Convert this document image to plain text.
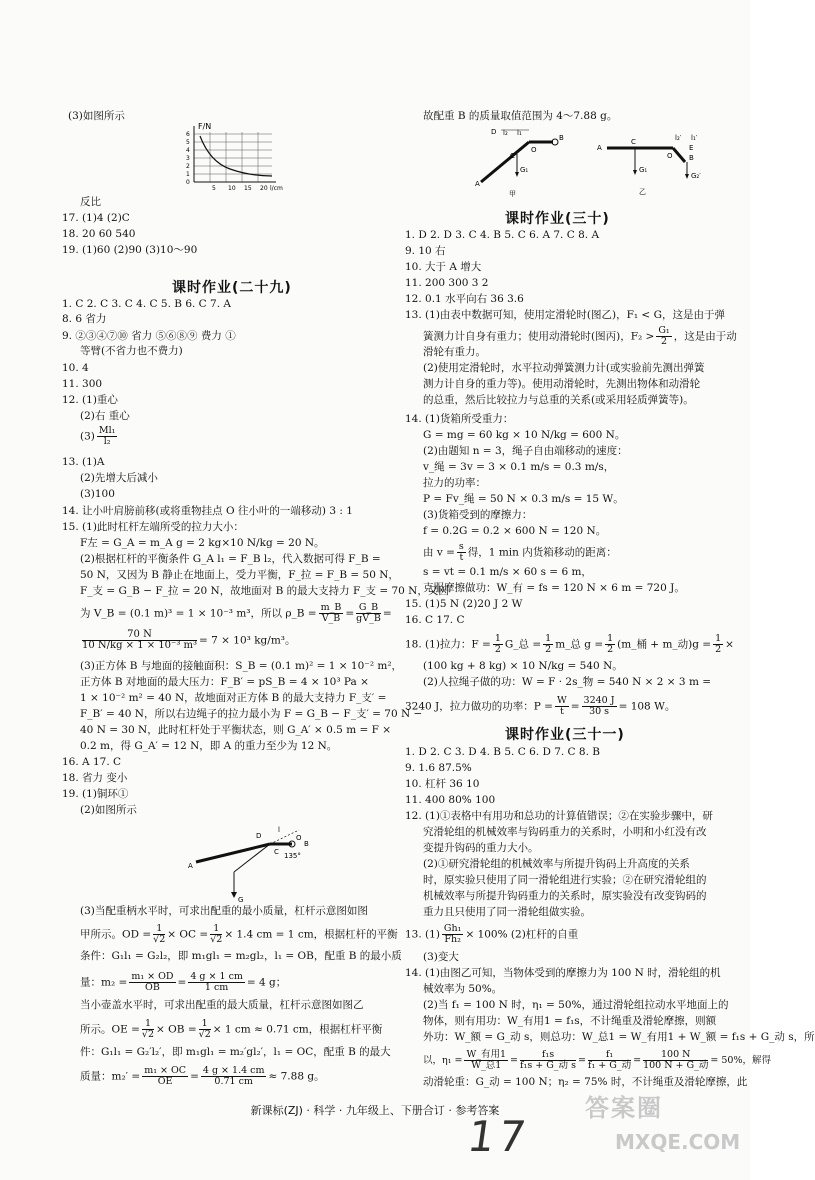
(3)如图所示
F/N
6
5
4
3
2
1
0
5 10 15 20 l/cm
反比
17. (1)4 (2)C
18. 20 60 540
19. (1)60 (2)90 (3)10～90
课时作业(二十九)
1. C 2. C 3. C 4. C 5. B 6. C 7. A
8. 6 省力
9. ②③④⑦⑩ 省力 ⑤⑥⑧⑨ 费力 ①
等臂(不省力也不费力)
10. 4
11. 300
12. (1)重心
(2)右 重心
$(3) \frac{\text{Ml₁}}{\text{l₂}}$
13. (1)A
(2)先增大后减小
(3)100
14. 让小叶肩膀前移(或将重物挂点 O 往小叶的一端移动) 3 : 1
15. (1)此时杠杆左端所受的拉力大小：
F左 = G_A = m_A g = 2 kg×10 N/kg = 20 N。
(2)根据杠杆的平衡条件 G_A l₁ = F_B l₂，代入数据可得 F_B =
50 N，又因为 B 静止在地面上，受力平衡，F_拉 = F_B = 50 N，
F_支 = G_B − F_拉 = 20 N，故地面对 B 的最大支持力 F_支 = 70 N，又因
为 V_B = (0.1 m)³ = 1 × 10⁻³ m³，所以 ρ_B = $\frac{m\_B}{V\_B} = \frac{G\_B}{gV\_B}$ =
$\frac{70 N}{\text{10 N/kg × 1 × 10⁻³ m³}} = 7 \times 10^3$ kg/m³。
(3)正方体 B 与地面的接触面积：S_B = (0.1 m)² = 1 × 10⁻² m²，
正方体 B 对地面的最大压力：F_B′ = pS_B = 4 × 10³ Pa ×
1 × 10⁻² m² = 40 N，故地面对正方体 B 的最大支持力 F_支′ =
F_B′ = 40 N，所以右边绳子的拉力最小为 F = G_B − F_支′ = 70 N −
40 N = 30 N，此时杠杆处于平衡状态，则 G_A′ × 0.5 m = F ×
0.2 m，得 G_A′ = 12 N，即 A 的重力至少为 12 N。
16. A 17. C
18. 省力 变小
19. (1)铜环①
(2)如图所示
D
l
O
135°
C
A
B
G
(3)当配重柄水平时，可求出配重的最小质量，杠杆示意图如图
甲所示。OD = $\frac{1}{√2}$ × OC = $\frac{1}{√2} \times 1.4$ cm = 1 cm，根据杠杆的平衡
条件：G₁l₁ = G₂l₂，即 m₁gl₁ = m₂gl₂，l₁ = OB，配重 B 的最小质
量：$m_2 = \frac{\text{m₁ × OD}}{OB} = \frac{4 g \times 1 cm}{1 cm} = 4$ g；
当小壶盖水平时，可求出配重的最大质量，杠杆示意图如图乙
所示。OE = $\frac{1}{√2}$ × OB = $\frac{1}{√2} \times 1$ cm ≈ 0.71 cm，根据杠杆平衡
件：G₁l₁ = G₂′l₂′，即 m₁gl₁ = m₂′gl₂′，l₁ = OC，配重 B 的最大
质量：$m_2' = \frac{\text{m₁ × OC}}{OE} = \frac{4 g \times 1.4 cm}{0.71 cm} \approx 7.88$ g。
故配重 B 的质量取值范围为 4～7.88 g。
D l₂ l₁
O
B
C
G₁
A
甲
A
C
B
O
E
l₂′ l₁′
G₁
G₂′
乙
课时作业(三十)
1. D 2. D 3. C 4. B 5. C 6. A 7. C 8. A
9. 10 右
10. 大于 A 增大
11. 200 300 3 2
12. 0.1 水平向右 36 3.6
13. (1)由表中数据可知，使用定滑轮时(图乙)，F₁ < G，这是由于弹
簧测力计自身有重力；使用动滑轮时(图丙)，$F_2 > \frac{\text{G₁}}{2}$ ，这是由于动
滑轮有重力。
(2)使用定滑轮时，水平拉动弹簧测力计(或实验前先测出弹簧
测力计自身的重力等)。使用动滑轮时，先测出物体和动滑轮
的总重，然后比较拉力与总重的关系(或采用轻质弹簧等)。
14. (1)货箱所受重力：
G = mg = 60 kg × 10 N/kg = 600 N。
(2)由题知 n = 3，绳子自由端移动的速度：
v_绳 = 3v = 3 × 0.1 m/s = 0.3 m/s，
拉力的功率：
P = Fv_绳 = 50 N × 0.3 m/s = 15 W。
(3)货箱受到的摩擦力：
f = 0.2G = 0.2 × 600 N = 120 N。
由 $v = \frac{s}{t}$ 得，1 min 内货箱移动的距离：
s = vt = 0.1 m/s × 60 s = 6 m，
克服摩擦做功：W_有 = fs = 120 N × 6 m = 720 J。
15. (1)5 N (2)20 J 2 W
16. C 17. C
18. (1)拉力：$F = \frac{1}{2}$ G_总 = $\frac{1}{2}$ m_总 $g = \frac{1}{2}$ (m_桶 + m_动)$g = \frac{1}{2}$ ×
(100 kg + 8 kg) × 10 N/kg = 540 N。
(2)人拉绳子做的功：W = F · 2s_物 = 540 N × 2 × 3 m =
3240 J，拉力做功的功率：$P = \frac{W}{t} = \frac{3240 J}{30 s} = 108$ W。
课时作业(三十一)
1. D 2. C 3. D 4. B 5. C 6. D 7. C 8. B
9. 1.6 87.5%
10. 杠杆 36 10
11. 400 80% 100
12. (1)①表格中有用功和总功的计算值错误；②在实验步骤中，研
究滑轮组的机械效率与钩码重力的关系时，小明和小红没有改
变提升钩码的重力大小。
(2)①研究滑轮组的机械效率与所提升钩码上升高度的关系
时，原实验只使用了同一滑轮组进行实验；②在研究滑轮组的
机械效率与所提升钩码重力的关系时，原实验没有改变钩码的
重力且只使用了同一滑轮组做实验。
13. $(1) \frac{\text{Gh₁}}{\text{Fh₂}} \times 100\%$ (2)杠杆的自重
(3)变大
14. (1)由图乙可知，当物体受到的摩擦力为 100 N 时，滑轮组的机
械效率为 50%。
(2)当 f₁ = 100 N 时，η₁ = 50%，通过滑轮组拉动水平地面上的
物体，则有用功：W_有用1 = f₁s，不计绳重及滑轮摩擦，则额
外功：W_额 = G_动 s，则总功：W_总1 = W_有用1 + W_额 = f₁s + G_动 s，所
以，$\eta_1 = \frac{\text{W\_有用1}}{\text{W\_总1}} = \frac{\text{f₁s}}{\text{f₁s + G\_动 s}} = \frac{\text{f₁}}{\text{f₁ + G\_动}} = \frac{100 N}{\text{100 N + G\_动}} = 50\%$，解得
动滑轮重：G_动 = 100 N；η₂ = 75% 时，不计绳重及滑轮摩擦，此
新课标(ZJ) · 科学 · 九年级上、下册合订 · 参考答案
17
答案圈
MXQE.COM
